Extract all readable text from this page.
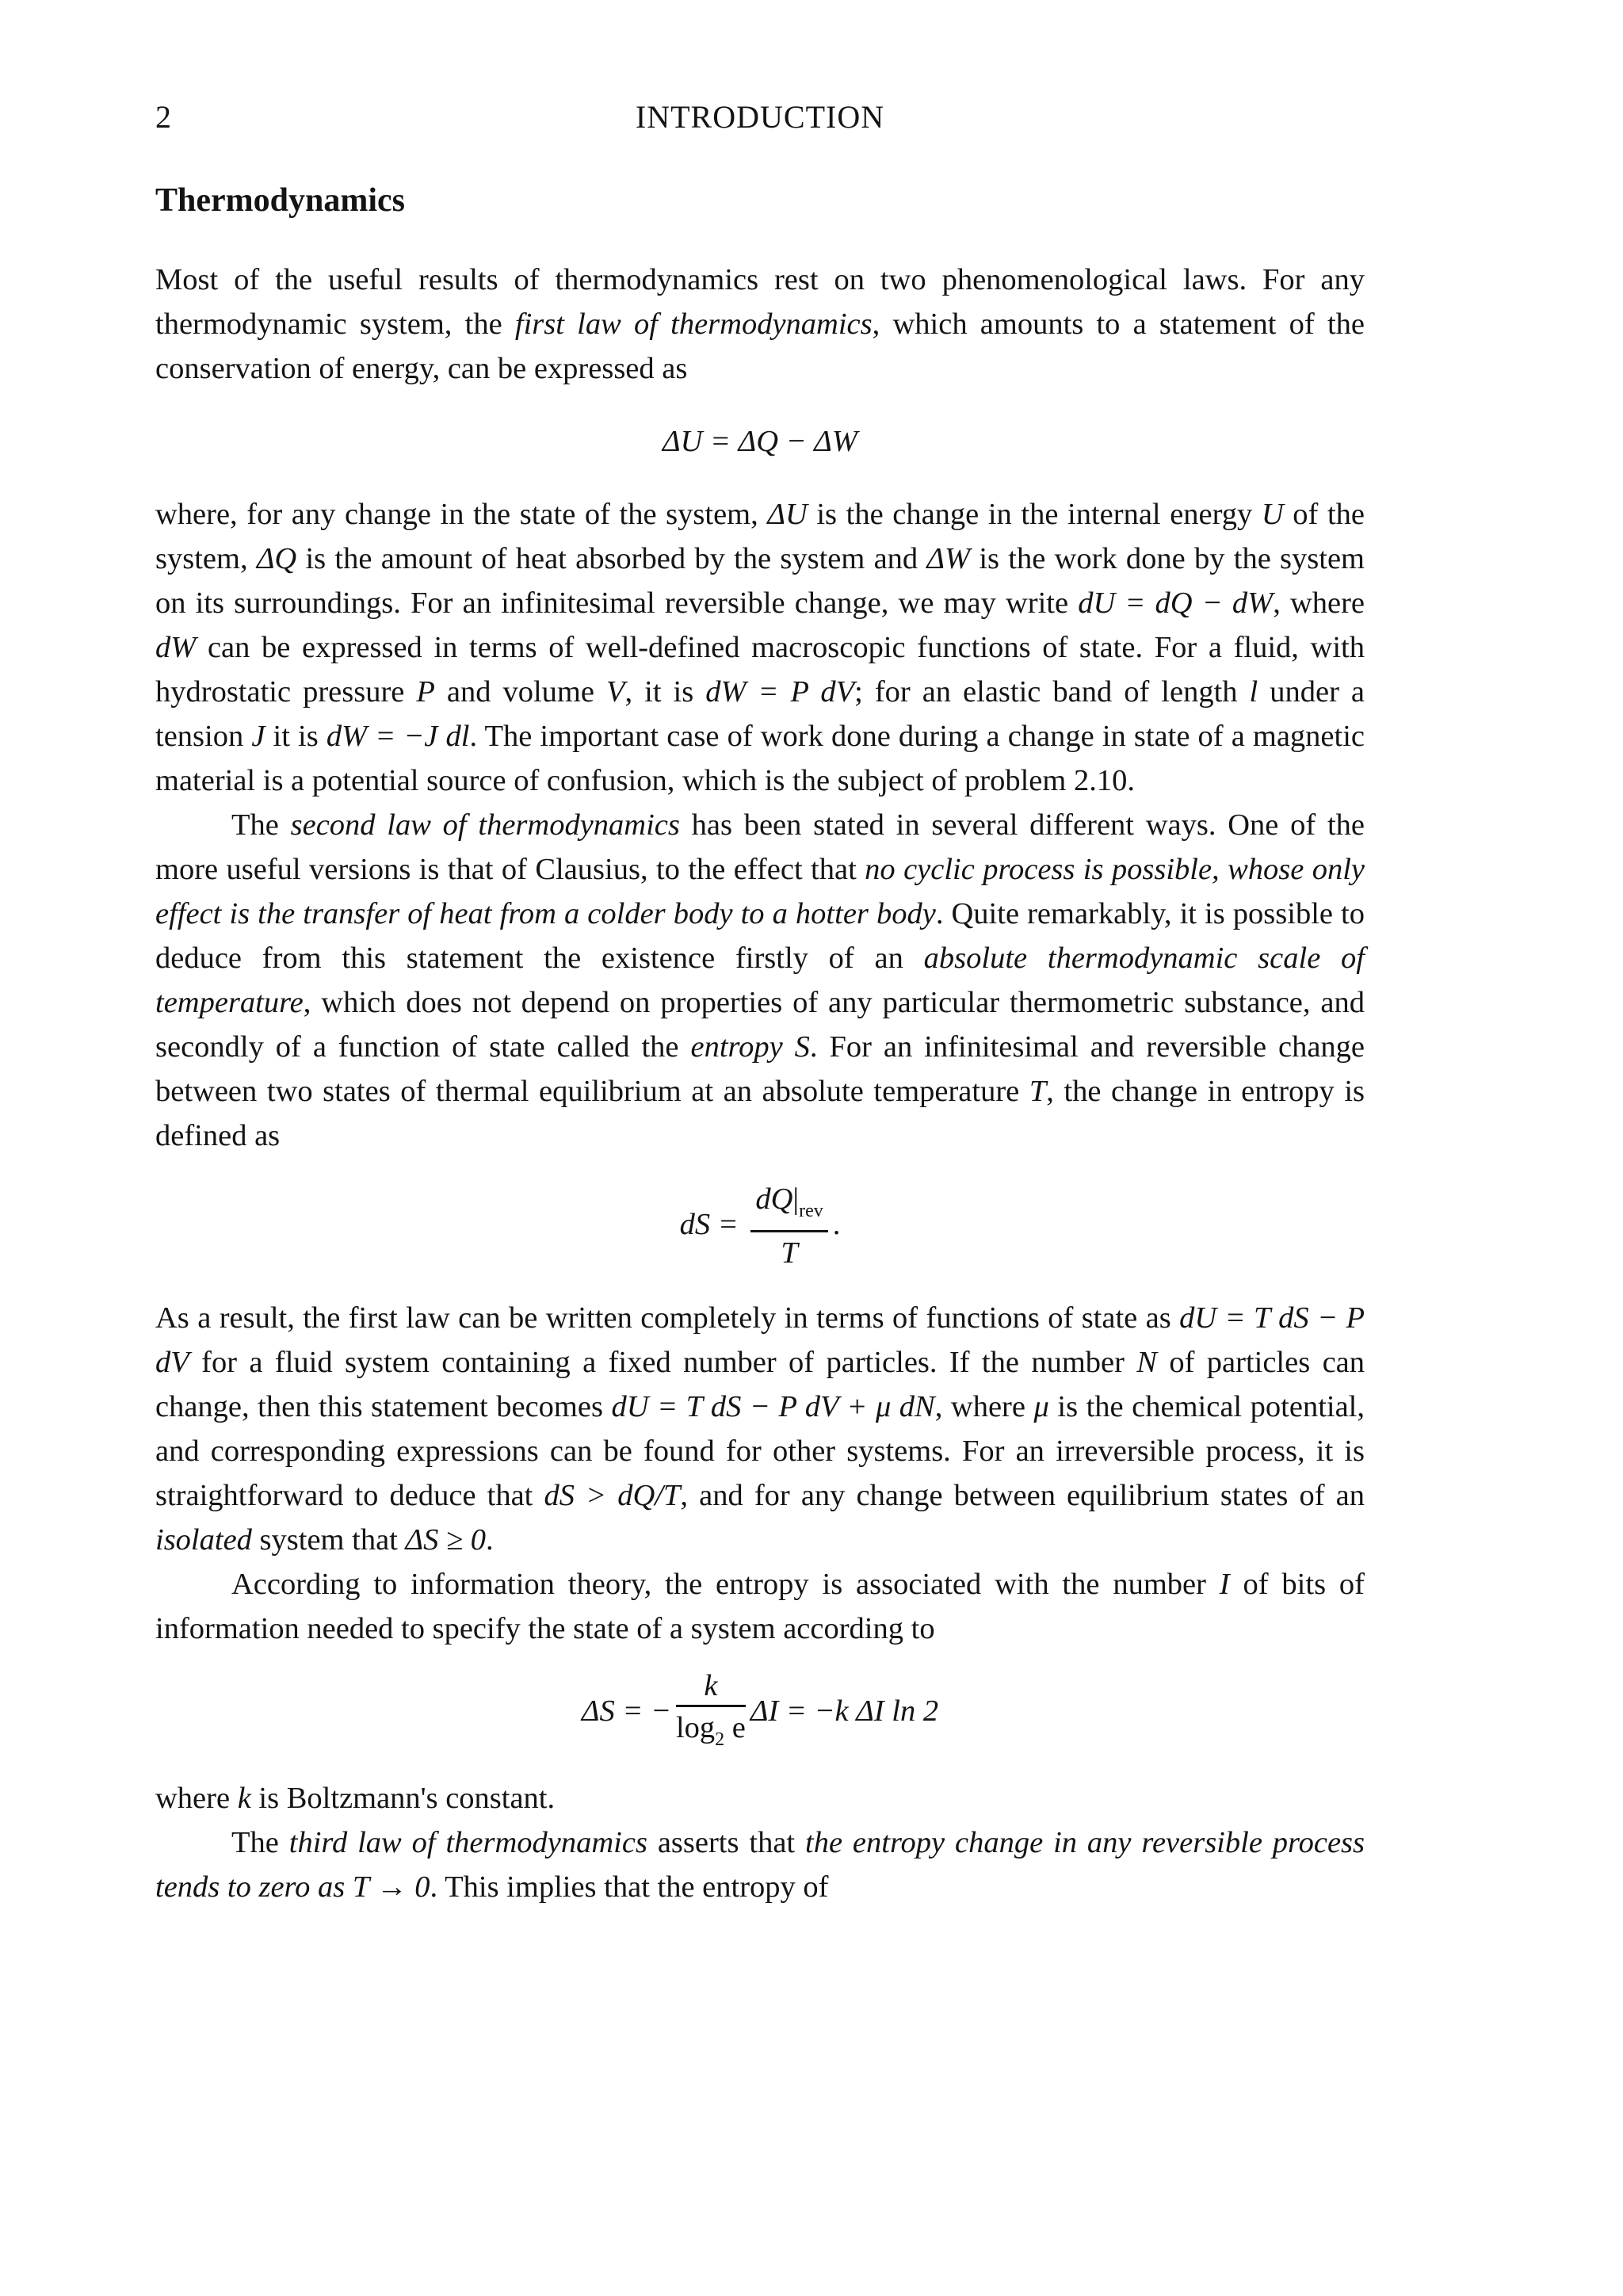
2	INTRODUCTION
Thermodynamics

Most of the useful results of thermodynamics rest on two phenomenological laws. For any thermodynamic system, the first law of thermodynamics, which amounts to a statement of the conservation of energy, can be expressed as

ΔU = ΔQ − ΔW

where, for any change in the state of the system, ΔU is the change in the internal energy U of the system, ΔQ is the amount of heat absorbed by the system and ΔW is the work done by the system on its surroundings. For an infinitesimal reversible change, we may write dU = dQ − dW, where dW can be expressed in terms of well-defined macroscopic functions of state. For a fluid, with hydrostatic pressure P and volume V, it is dW = P dV; for an elastic band of length l under a tension J it is dW = −J dl. The important case of work done during a change in state of a magnetic material is a potential source of confusion, which is the subject of problem 2.10.

The second law of thermodynamics has been stated in several different ways. One of the more useful versions is that of Clausius, to the effect that no cyclic process is possible, whose only effect is the transfer of heat from a colder body to a hotter body. Quite remarkably, it is possible to deduce from this statement the existence firstly of an absolute thermodynamic scale of temperature, which does not depend on properties of any particular thermometric substance, and secondly of a function of state called the entropy S. For an infinitesimal and reversible change between two states of thermal equilibrium at an absolute temperature T, the change in entropy is defined as

dS = $\frac{dQ|_{rev}}{T}$ .

As a result, the first law can be written completely in terms of functions of state as dU = T dS − P dV for a fluid system containing a fixed number of particles. If the number N of particles can change, then this statement becomes dU = T dS − P dV + μ dN, where μ is the chemical potential, and corresponding expressions can be found for other systems. For an irreversible process, it is straightforward to deduce that dS > dQ/T, and for any change between equilibrium states of an isolated system that ΔS ≥ 0.

According to information theory, the entropy is associated with the number I of bits of information needed to specify the state of a system according to

ΔS = − $\frac{k}{\log_2 e}$ ΔI = −k ΔI ln 2

where k is Boltzmann's constant.

The third law of thermodynamics asserts that the entropy change in any reversible process tends to zero as T → 0. This implies that the entropy of
